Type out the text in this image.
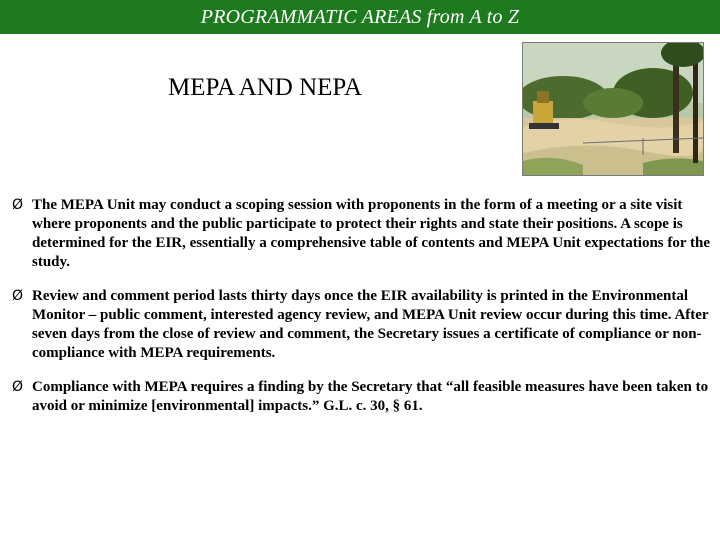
PROGRAMMATIC AREAS from A to Z
MEPA AND NEPA
Ø The MEPA Unit may conduct a scoping session with proponents in the form of a meeting or a site visit where proponents and the public participate to protect their rights and state their positions. A scope is determined for the EIR, essentially a comprehensive table of contents and MEPA Unit expectations for the study.
Ø Review and comment period lasts thirty days once the EIR availability is printed in the Environmental Monitor – public comment, interested agency review, and MEPA Unit review occur during this time. After seven days from the close of review and comment, the Secretary issues a certificate of compliance or non-compliance with MEPA requirements.
Ø Compliance with MEPA requires a finding by the Secretary that “all feasible measures have been taken to avoid or minimize [environmental] impacts.” G.L. c. 30, § 61.
